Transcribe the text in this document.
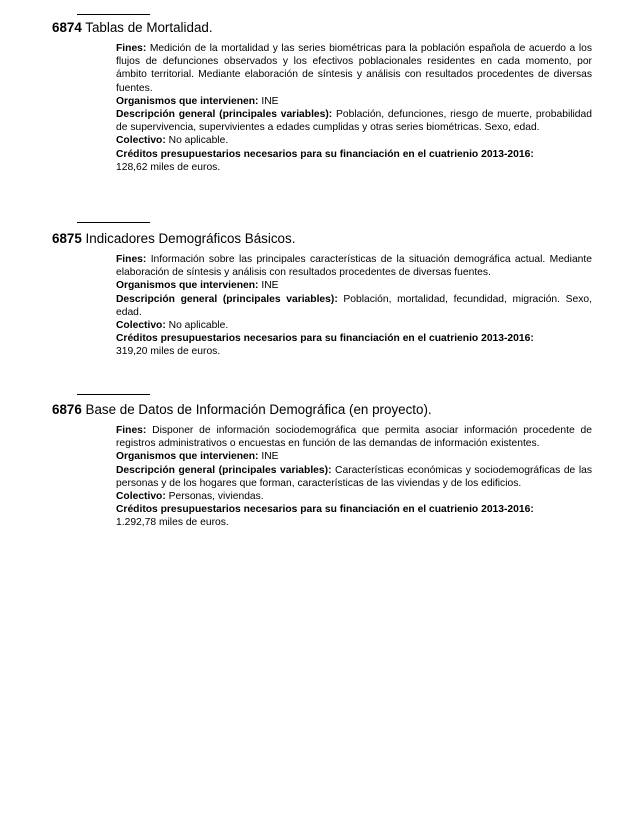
6874 Tablas de Mortalidad.

Fines: Medición de la mortalidad y las series biométricas para la población española de acuerdo a los flujos de defunciones observados y los efectivos poblacionales residentes en cada momento, por ámbito territorial. Mediante elaboración de síntesis y análisis con resultados procedentes de diversas fuentes.

Organismos que intervienen: INE

Descripción general (principales variables): Población, defunciones, riesgo de muerte, probabilidad de supervivencia, supervivientes a edades cumplidas y otras series biométricas. Sexo, edad.

Colectivo: No aplicable.

Créditos presupuestarios necesarios para su financiación en el cuatrienio 2013-2016:
128,62 miles de euros.

6875 Indicadores Demográficos Básicos.

Fines: Información sobre las principales características de la situación demográfica actual. Mediante elaboración de síntesis y análisis con resultados procedentes de diversas fuentes.

Organismos que intervienen: INE

Descripción general (principales variables): Población, mortalidad, fecundidad, migración. Sexo, edad.

Colectivo: No aplicable.

Créditos presupuestarios necesarios para su financiación en el cuatrienio 2013-2016:
319,20 miles de euros.

6876 Base de Datos de Información Demográfica (en proyecto).

Fines: Disponer de información sociodemográfica que permita asociar información procedente de registros administrativos o encuestas en función de las demandas de información existentes.

Organismos que intervienen: INE

Descripción general (principales variables): Características económicas y sociodemográficas de las personas y de los hogares que forman, características de las viviendas y de los edificios.

Colectivo: Personas, viviendas.

Créditos presupuestarios necesarios para su financiación en el cuatrienio 2013-2016:
1.292,78 miles de euros.
